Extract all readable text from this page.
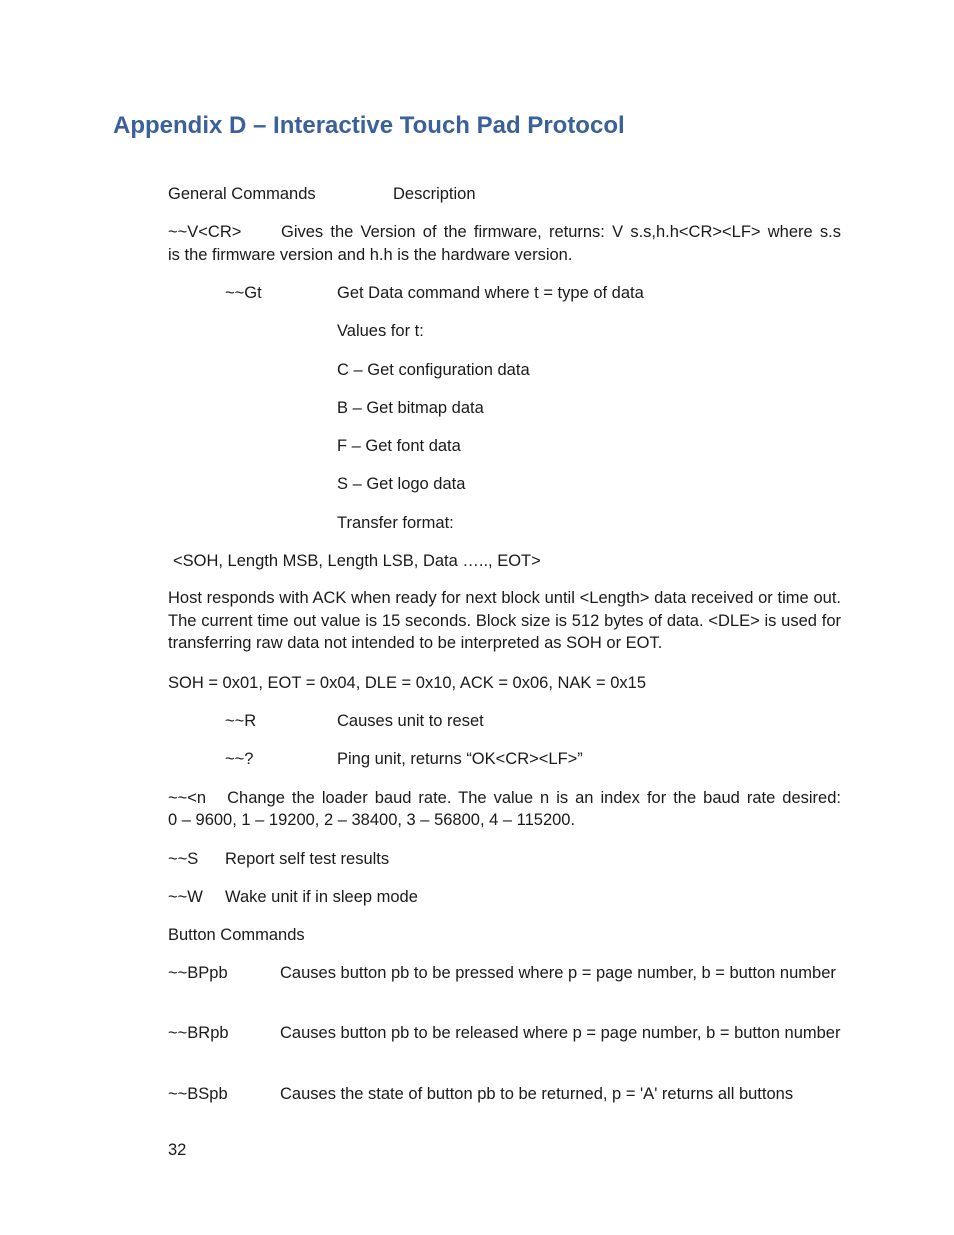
Appendix D – Interactive Touch Pad Protocol
General Commands	Description
~~V<CR> Gives the Version of the firmware, returns: V s.s,h.h<CR><LF> where s.s
is the firmware version and h.h is the hardware version.
~~Gt	Get Data command where t = type of data
Values for t:
C – Get configuration data
B – Get bitmap data
F – Get font data
S – Get logo data
Transfer format:
<SOH, Length MSB, Length LSB, Data ….., EOT>
Host responds with ACK when ready for next block until <Length> data received or time out. The current time out value is 15 seconds. Block size is 512 bytes of data. <DLE> is used for transferring raw data not intended to be interpreted as SOH or EOT.
SOH = 0x01, EOT = 0x04, DLE = 0x10, ACK = 0x06, NAK = 0x15
~~R	Causes unit to reset
~~?	Ping unit, returns “OK<CR><LF>”
~~<n   Change the loader baud rate. The value n is an index for the baud rate desired:
0 – 9600, 1 – 19200, 2 – 38400, 3 – 56800, 4 – 115200.
~~S Report self test results
~~W Wake unit if in sleep mode
Button Commands
~~BPpb	Causes button pb to be pressed where p = page number, b = button number
~~BRpb	Causes button pb to be released where p = page number, b = button number
~~BSpb	Causes the state of button pb to be returned, p = 'A' returns all buttons
32
